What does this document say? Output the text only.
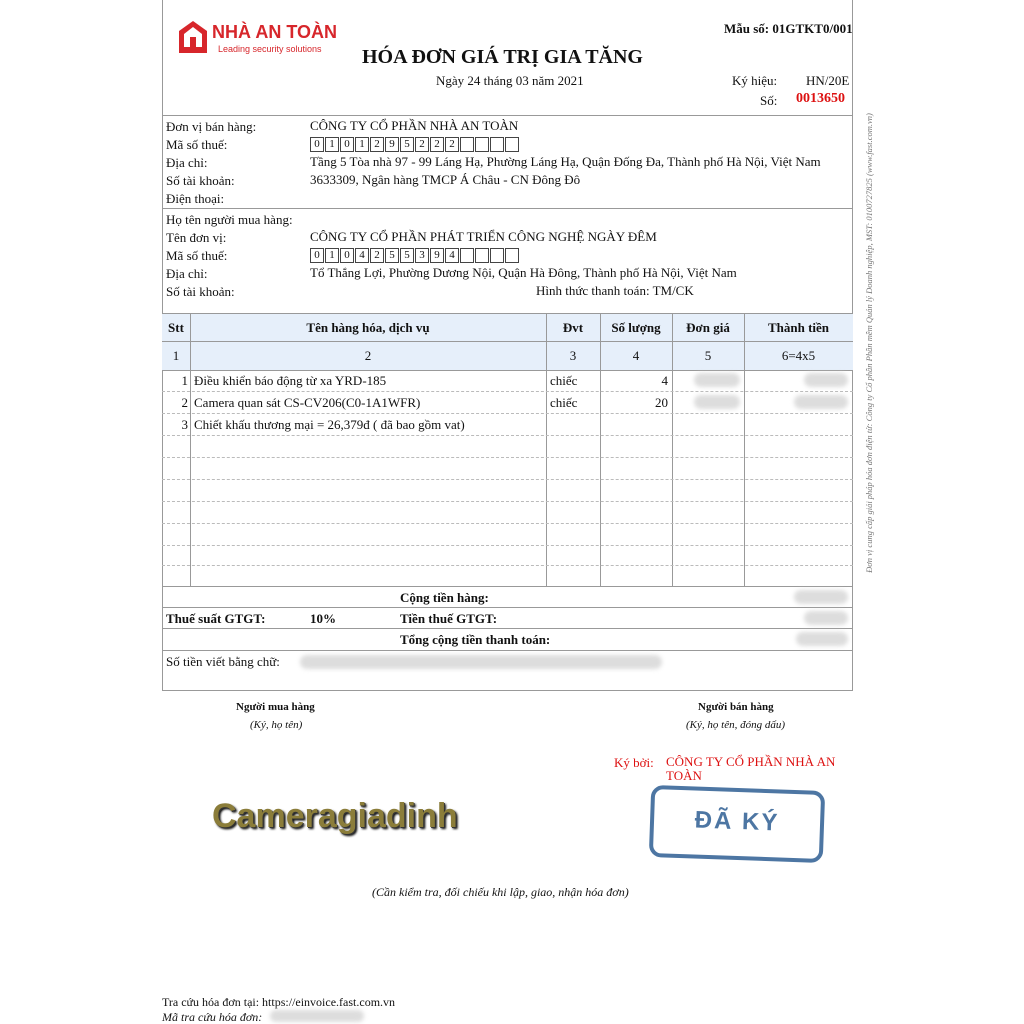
NHÀ AN TOÀN
Leading security solutions
Mẫu số: 01GTKT0/001
HÓA ĐƠN GIÁ TRỊ GIA TĂNG
Ngày 24 tháng 03 năm 2021	Ký hiệu: HN/20E
Số: 0013650
Đơn vị bán hàng:	CÔNG TY CỔ PHẦN NHÀ AN TOÀN
Mã số thuế:	0 1 0 1 2 9 5 2 2 2
Địa chỉ:	Tầng 5 Tòa nhà 97 - 99 Láng Hạ, Phường Láng Hạ, Quận Đống Đa, Thành phố Hà Nội, Việt Nam
Số tài khoản:	3633309, Ngân hàng TMCP Á Châu - CN Đông Đô
Điện thoại:
Họ tên người mua hàng:
Tên đơn vị:	CÔNG TY CỔ PHẦN PHÁT TRIỂN CÔNG NGHỆ NGÀY ĐÊM
Mã số thuế:	0 1 0 4 2 5 5 3 9 4
Địa chỉ:	Tổ Thắng Lợi, Phường Dương Nội, Quận Hà Đông, Thành phố Hà Nội, Việt Nam
Số tài khoản:	Hình thức thanh toán: TM/CK
Stt	Tên hàng hóa, dịch vụ	Đvt	Số lượng	Đơn giá	Thành tiền
1	2	3	4	5	6=4x5
1 Điều khiển báo động từ xa YRD-185	chiếc	4
2 Camera quan sát CS-CV206(C0-1A1WFR)	chiếc	20
3 Chiết khấu thương mại = 26,379đ ( đã bao gồm vat)
Cộng tiền hàng:
Thuế suất GTGT:	10%	Tiền thuế GTGT:
Tổng cộng tiền thanh toán:
Số tiền viết bằng chữ:
Đơn vị cung cấp giải pháp hóa đơn điện tử: Công ty Cổ phần Phần mềm Quản lý Doanh nghiệp, MST: 0100727825 (www.fast.com.vn)
Người mua hàng
(Ký, họ tên)
Người bán hàng
(Ký, họ tên, đóng dấu)
Ký bởi: CÔNG TY CỔ PHẦN NHÀ AN TOÀN
ĐÃ KÝ
Cameragiadinh
(Cần kiểm tra, đối chiếu khi lập, giao, nhận hóa đơn)
Tra cứu hóa đơn tại: https://einvoice.fast.com.vn
Mã tra cứu hóa đơn:
